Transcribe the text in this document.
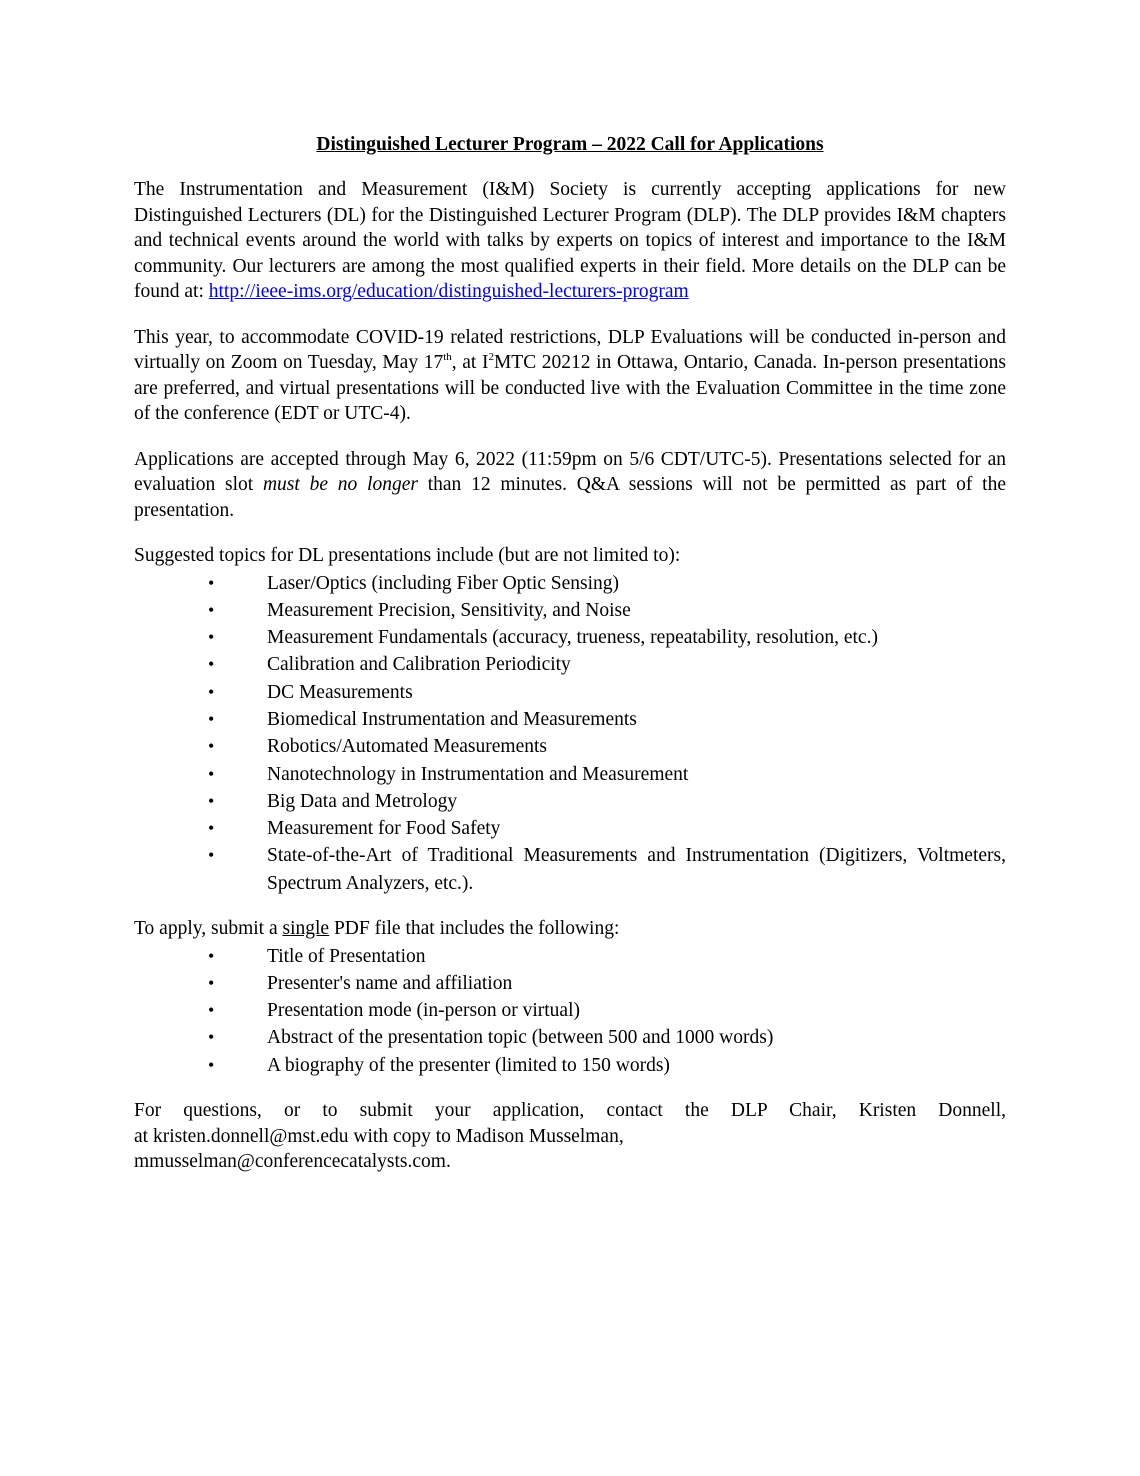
Distinguished Lecturer Program – 2022 Call for Applications

The Instrumentation and Measurement (I&M) Society is currently accepting applications for new Distinguished Lecturers (DL) for the Distinguished Lecturer Program (DLP). The DLP provides I&M chapters and technical events around the world with talks by experts on topics of interest and importance to the I&M community. Our lecturers are among the most qualified experts in their field. More details on the DLP can be found at: http://ieee-ims.org/education/distinguished-lecturers-program

This year, to accommodate COVID-19 related restrictions, DLP Evaluations will be conducted in-person and virtually on Zoom on Tuesday, May 17th, at $I^2MTC$ 20212 in Ottawa, Ontario, Canada. In-person presentations are preferred, and virtual presentations will be conducted live with the Evaluation Committee in the time zone of the conference (EDT or UTC-4).

Applications are accepted through May 6, 2022 (11:59pm on 5/6 CDT/UTC-5). Presentations selected for an evaluation slot must be no longer than 12 minutes. Q&A sessions will not be permitted as part of the presentation.

Suggested topics for DL presentations include (but are not limited to):
•	Laser/Optics (including Fiber Optic Sensing)
•	Measurement Precision, Sensitivity, and Noise
•	Measurement Fundamentals (accuracy, trueness, repeatability, resolution, etc.)
•	Calibration and Calibration Periodicity
•	DC Measurements
•	Biomedical Instrumentation and Measurements
•	Robotics/Automated Measurements
•	Nanotechnology in Instrumentation and Measurement
•	Big Data and Metrology
•	Measurement for Food Safety
•	State-of-the-Art of Traditional Measurements and Instrumentation (Digitizers, Voltmeters, Spectrum Analyzers, etc.).
To apply, submit a single PDF file that includes the following:
•	Title of Presentation
•	Presenter's name and affiliation
•	Presentation mode (in-person or virtual)
•	Abstract of the presentation topic (between 500 and 1000 words)
•	A biography of the presenter (limited to 150 words)
For questions, or to submit your application, contact the DLP Chair, Kristen Donnell,
at kristen.donnell@mst.edu with copy to Madison Musselman,
mmusselman@conferencecatalysts.com.
